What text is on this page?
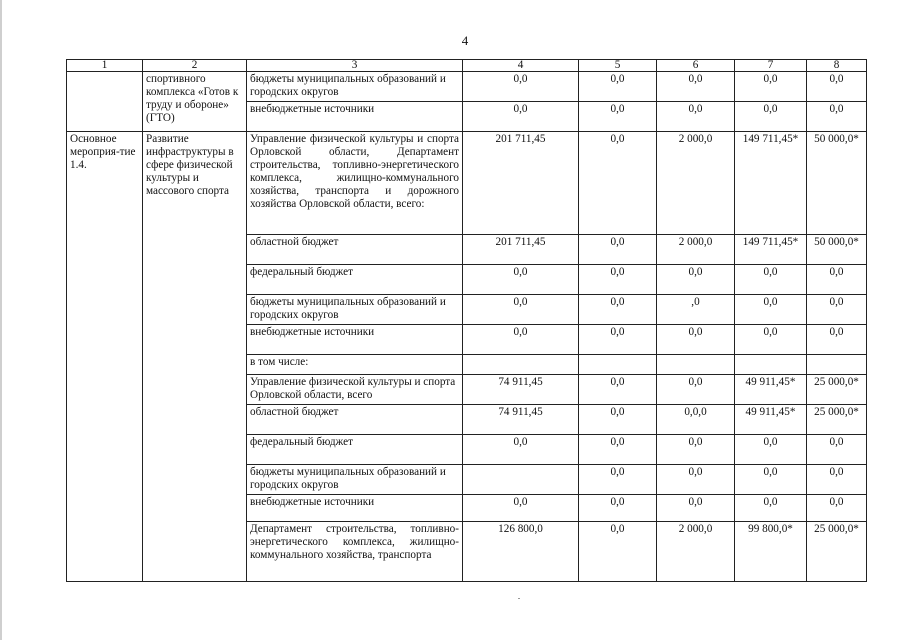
4
1	2	3	4	5	6	7	8
	спортивного комплекса «Готов к труду и обороне» (ГТО)	бюджеты муниципальных образований и городских округов	0,0	0,0	0,0	0,0	0,0
		внебюджетные источники	0,0	0,0	0,0	0,0	0,0
Основное мероприя-тие 1.4.	Развитие инфраструктуры в сфере физической культуры и массового спорта	Управление физической культуры и спорта Орловской области, Департамент строительства, топливно-энергетического комплекса, жилищно-коммунального хозяйства, транспорта и дорожного хозяйства Орловской области, всего:	201 711,45	0,0	2 000,0	149 711,45*	50 000,0*
		областной бюджет	201 711,45	0,0	2 000,0	149 711,45*	50 000,0*
		федеральный бюджет	0,0	0,0	0,0	0,0	0,0
		бюджеты муниципальных образований и городских округов	0,0	0,0	,0	0,0	0,0
		внебюджетные источники	0,0	0,0	0,0	0,0	0,0
		в том числе:					
		Управление физической культуры и спорта Орловской области, всего	74 911,45	0,0	0,0	49 911,45*	25 000,0*
		областной бюджет	74 911,45	0,0	0,0,0	49 911,45*	25 000,0*
		федеральный бюджет	0,0	0,0	0,0	0,0	0,0
		бюджеты муниципальных образований и городских округов		0,0	0,0	0,0	0,0
		внебюджетные источники	0,0	0,0	0,0	0,0	0,0
		Департамент строительства, топливно-энергетического комплекса, жилищно-коммунального хозяйства, транспорта	126 800,0	0,0	2 000,0	99 800,0*	25 000,0*
